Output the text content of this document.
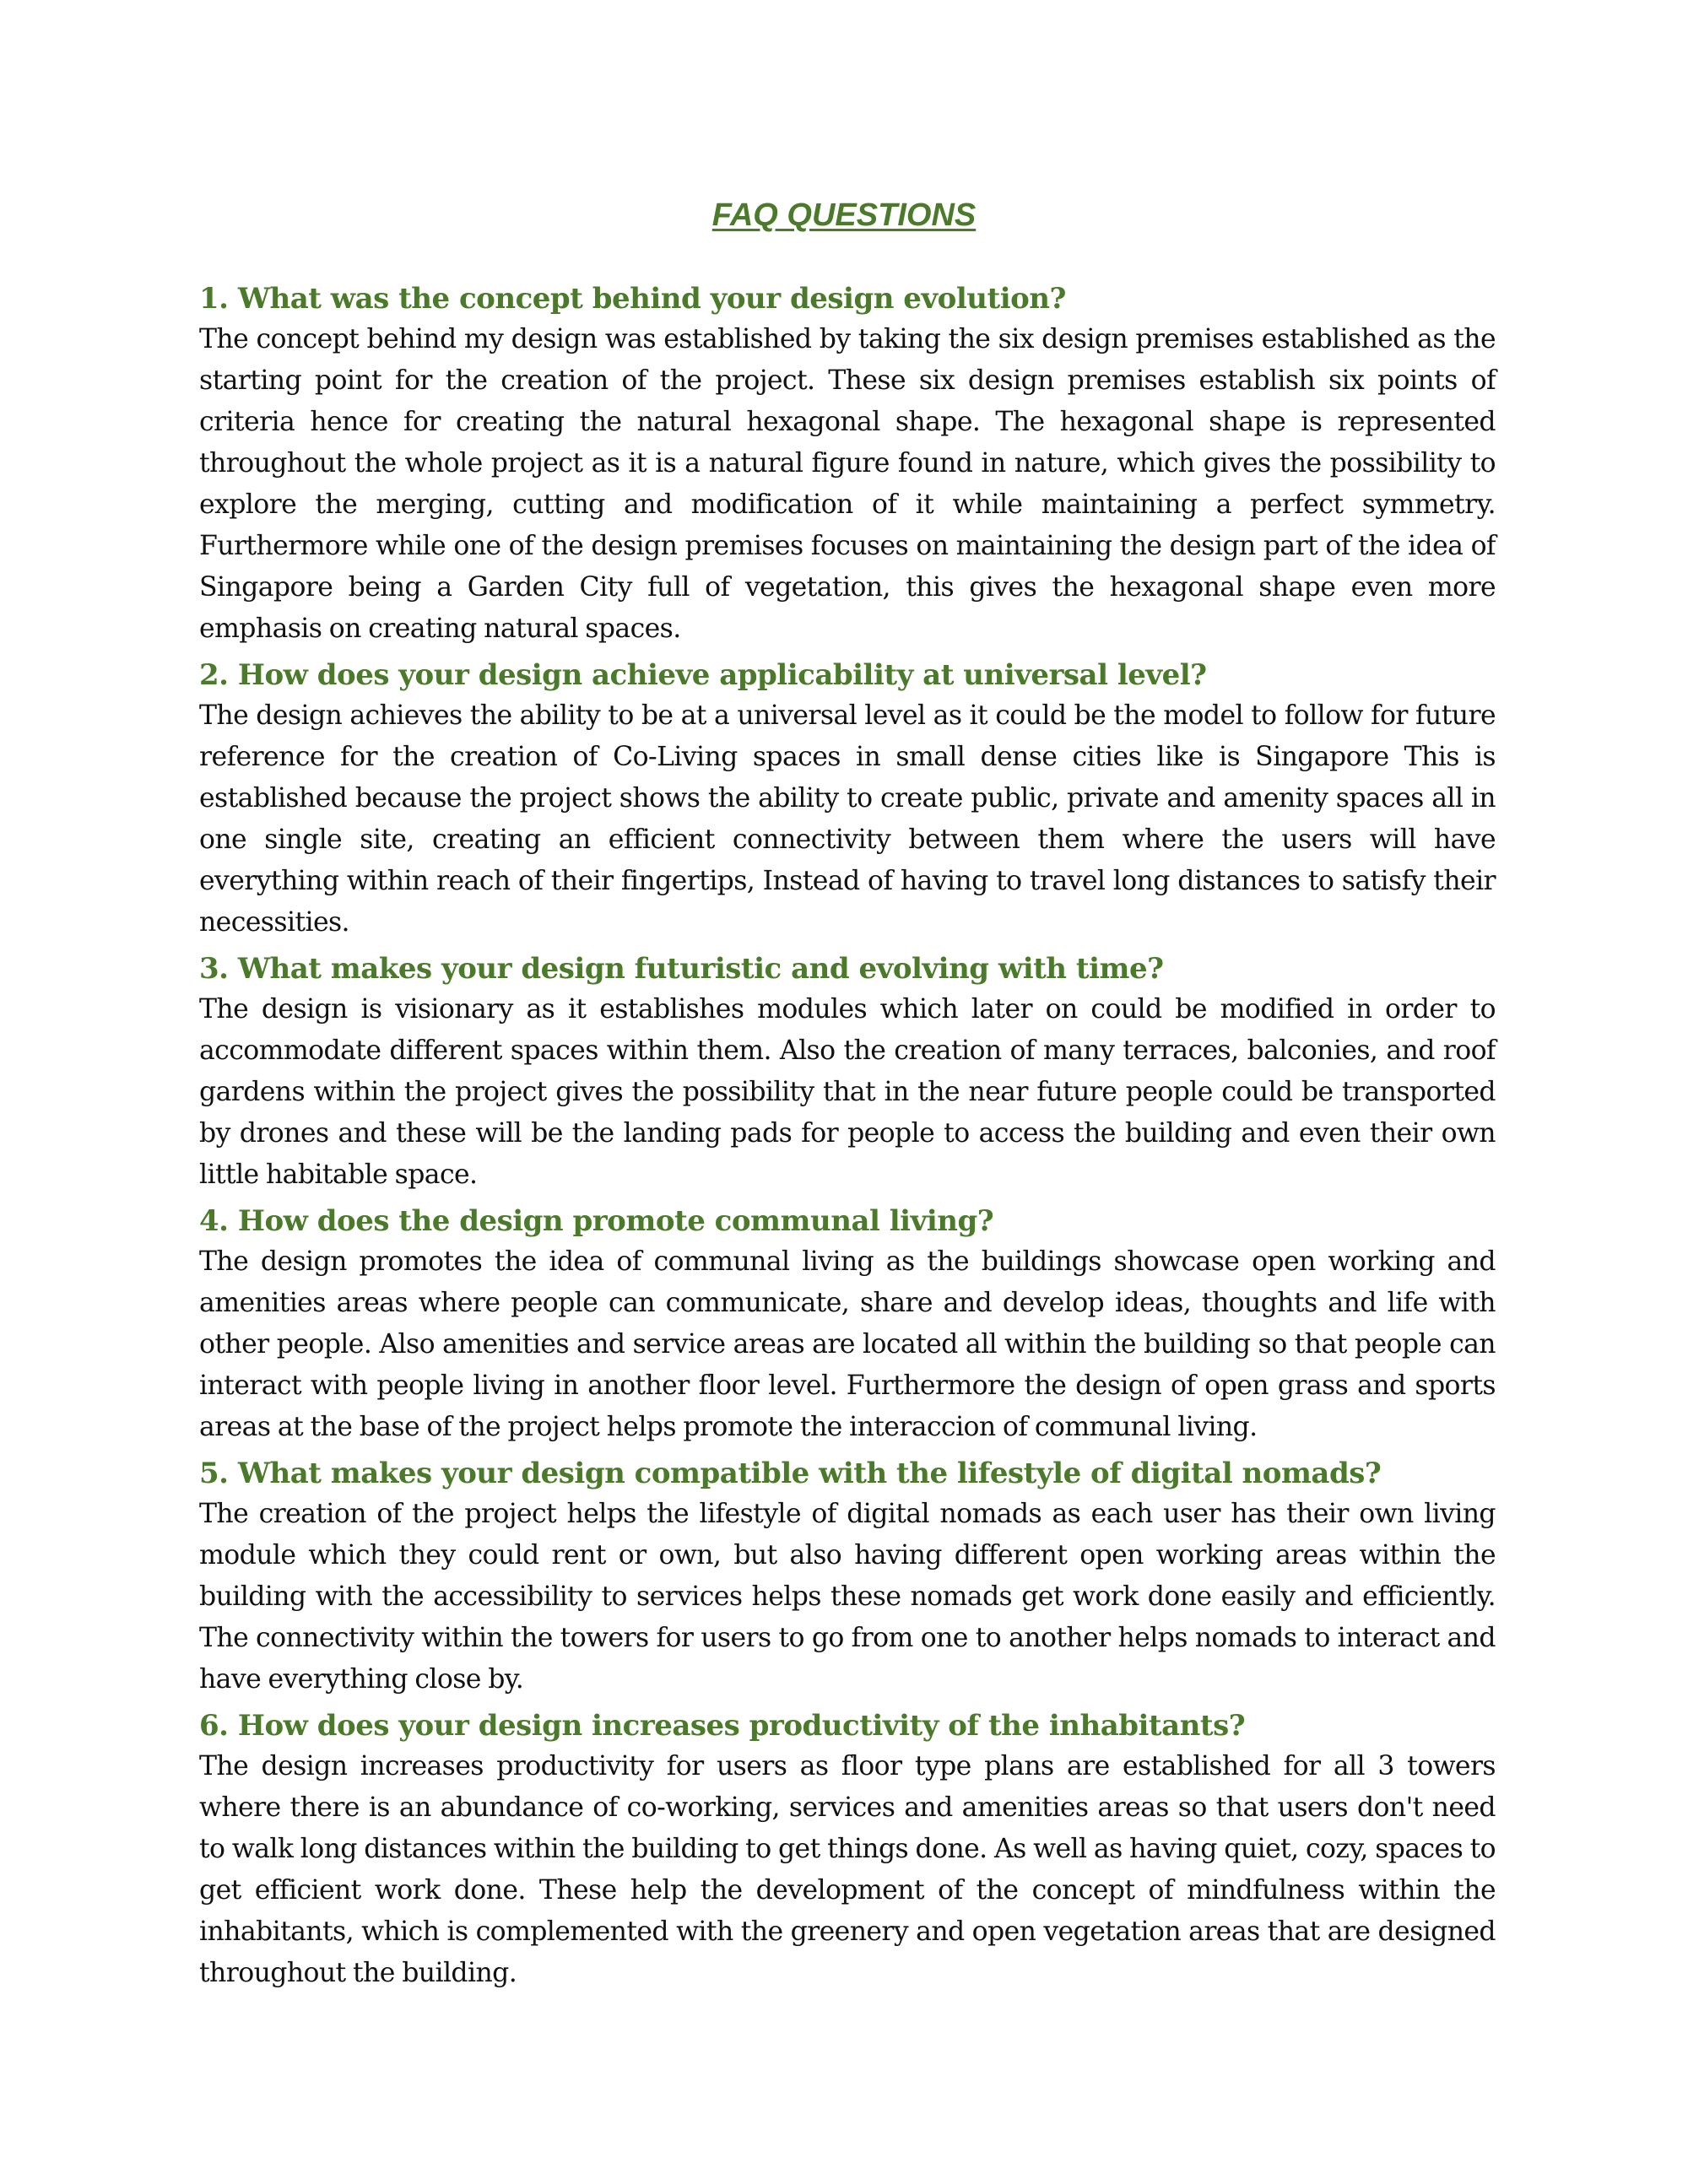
FAQ QUESTIONS
1. What was the concept behind your design evolution?

The concept behind my design was established by taking the six design premises established as the starting point for the creation of the project. These six design premises establish six points of criteria hence for creating the natural hexagonal shape. The hexagonal shape is represented throughout the whole project as it is a natural figure found in nature, which gives the possibility to explore the merging, cutting and modification of it while maintaining a perfect symmetry. Furthermore while one of the design premises focuses on maintaining the design part of the idea of Singapore being a Garden City full of vegetation, this gives the hexagonal shape even more emphasis on creating natural spaces.

2. How does your design achieve applicability at universal level?

The design achieves the ability to be at a universal level as it could be the model to follow for future reference for the creation of Co-Living spaces in small dense cities like is Singapore This is established because the project shows the ability to create public, private and amenity spaces all in one single site, creating an efficient connectivity between them where the users will have everything within reach of their fingertips, Instead of having to travel long distances to satisfy their necessities.

3. What makes your design futuristic and evolving with time?

The design is visionary as it establishes modules which later on could be modified in order to accommodate different spaces within them. Also the creation of many terraces, balconies, and roof gardens within the project gives the possibility that in the near future people could be transported by drones and these will be the landing pads for people to access the building and even their own little habitable space.

4. How does the design promote communal living?

The design promotes the idea of communal living as the buildings showcase open working and amenities areas where people can communicate, share and develop ideas, thoughts and life with other people. Also amenities and service areas are located all within the building so that people can interact with people living in another floor level. Furthermore the design of open grass and sports areas at the base of the project helps promote the interaccion of communal living.

5. What makes your design compatible with the lifestyle of digital nomads?

The creation of the project helps the lifestyle of digital nomads as each user has their own living module which they could rent or own, but also having different open working areas within the building with the accessibility to services helps these nomads get work done easily and efficiently. The connectivity within the towers for users to go from one to another helps nomads to interact and have everything close by.

6. How does your design increases productivity of the inhabitants?

The design increases productivity for users as floor type plans are established for all 3 towers where there is an abundance of co-working, services and amenities areas so that users don't need to walk long distances within the building to get things done. As well as having quiet, cozy, spaces to get efficient work done. These help the development of the concept of mindfulness within the inhabitants, which is complemented with the greenery and open vegetation areas that are designed throughout the building.
